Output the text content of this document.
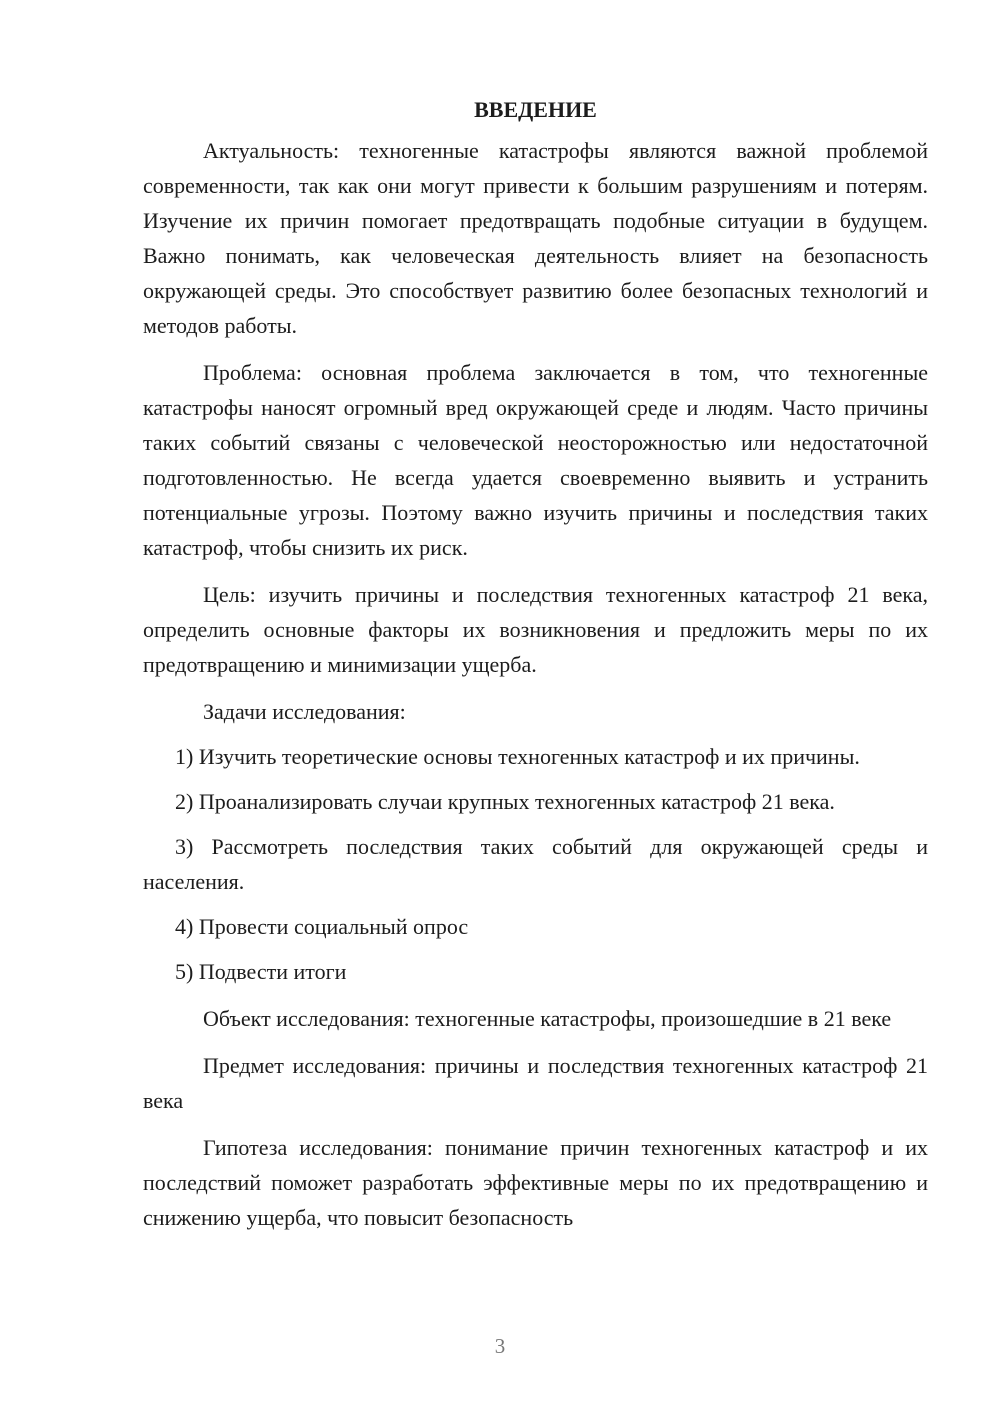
ВВЕДЕНИЕ

Актуальность: техногенные катастрофы являются важной проблемой современности, так как они могут привести к большим разрушениям и потерям. Изучение их причин помогает предотвращать подобные ситуации в будущем. Важно понимать, как человеческая деятельность влияет на безопасность окружающей среды. Это способствует развитию более безопасных технологий и методов работы.

Проблема: основная проблема заключается в том, что техногенные катастрофы наносят огромный вред окружающей среде и людям. Часто причины таких событий связаны с человеческой неосторожностью или недостаточной подготовленностью. Не всегда удается своевременно выявить и устранить потенциальные угрозы. Поэтому важно изучить причины и последствия таких катастроф, чтобы снизить их риск.

Цель: изучить причины и последствия техногенных катастроф 21 века, определить основные факторы их возникновения и предложить меры по их предотвращению и минимизации ущерба.

Задачи исследования:

1) Изучить теоретические основы техногенных катастроф и их причины.

2) Проанализировать случаи крупных техногенных катастроф 21 века.

3) Рассмотреть последствия таких событий для окружающей среды и населения.

4) Провести социальный опрос

5) Подвести итоги

Объект исследования: техногенные катастрофы, произошедшие в 21 веке

Предмет исследования: причины и последствия техногенных катастроф 21 века

Гипотеза исследования: понимание причин техногенных катастроф и их последствий поможет разработать эффективные меры по их предотвращению и снижению ущерба, что повысит безопасность

3
